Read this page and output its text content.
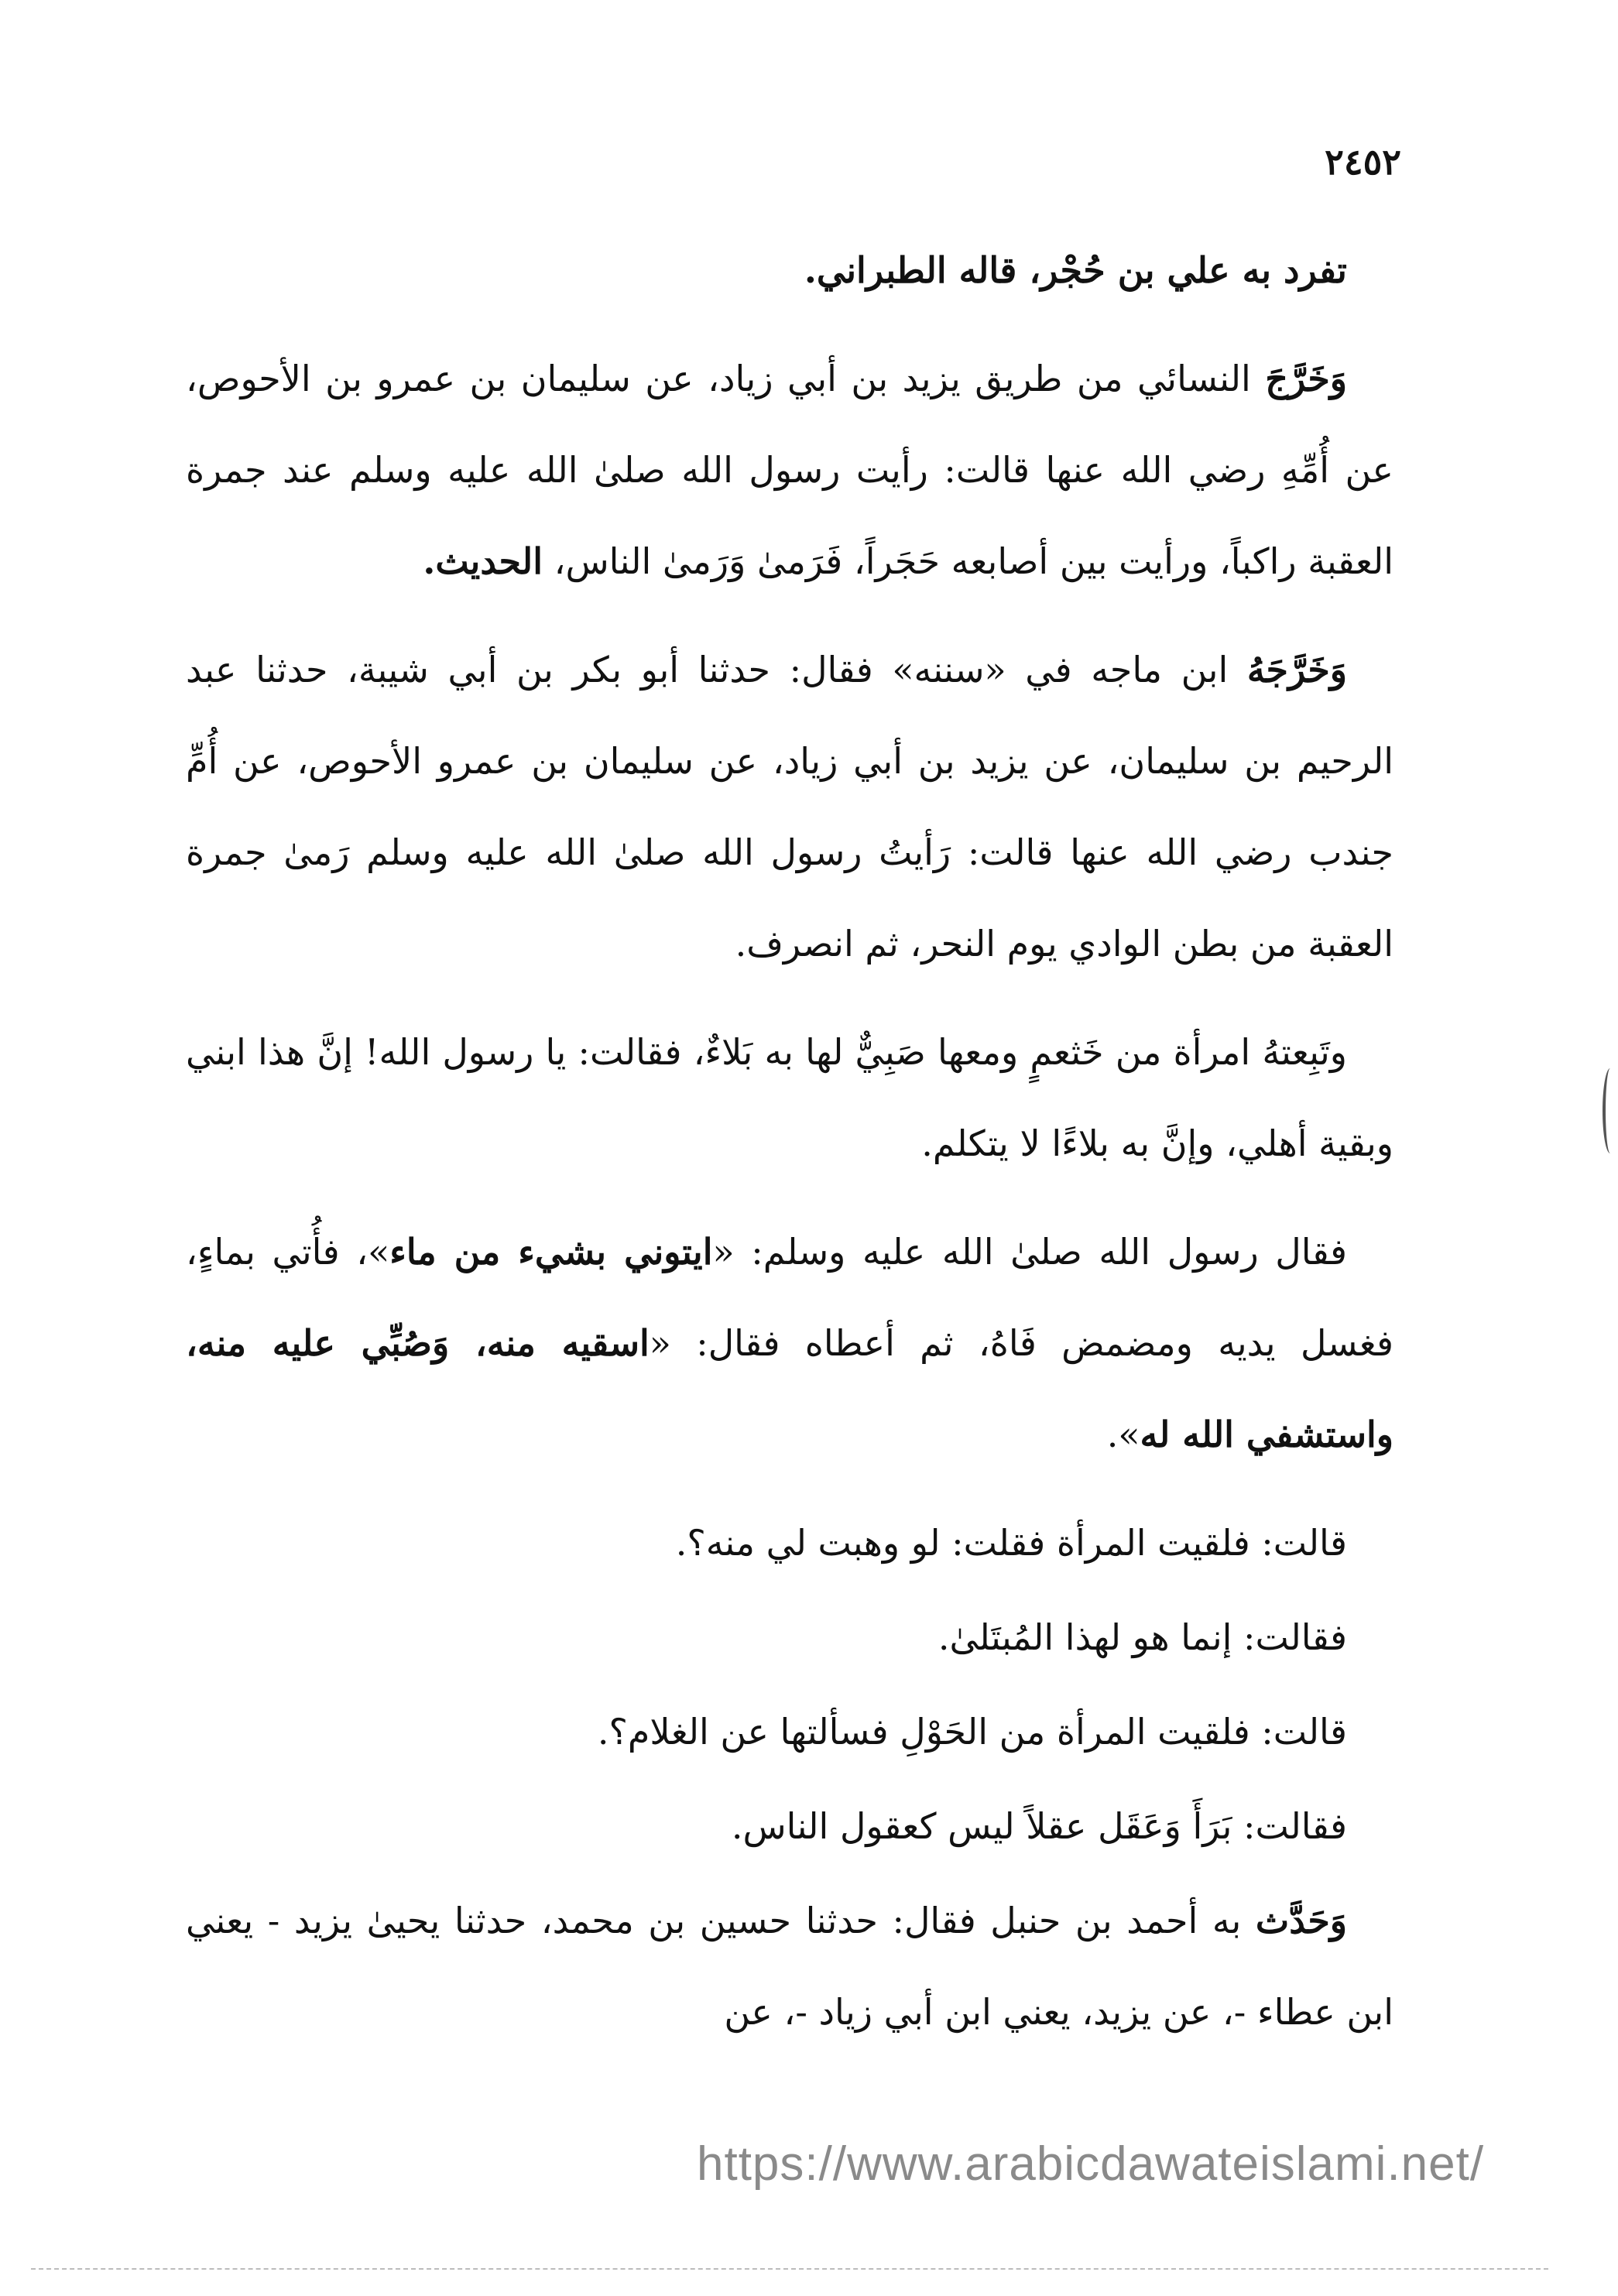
٢٤٥٢

تفرد به علي بن حُجْر، قاله الطبراني.

وَخَرَّجَ النسائي من طريق يزيد بن أبي زياد، عن سليمان بن عمرو بن الأحوص، عن أُمِّهِ رضي الله عنها قالت: رأيت رسول الله صلىٰ الله عليه وسلم عند جمرة العقبة راكباً، ورأيت بين أصابعه حَجَراً، فَرَمىٰ وَرَمىٰ الناس، الحديث.

وَخَرَّجَهُ ابن ماجه في «سننه» فقال: حدثنا أبو بكر بن أبي شيبة، حدثنا عبد الرحيم بن سليمان، عن يزيد بن أبي زياد، عن سليمان بن عمرو الأحوص، عن أُمِّ جندب رضي الله عنها قالت: رَأيتُ رسول الله صلىٰ الله عليه وسلم رَمىٰ جمرة العقبة من بطن الوادي يوم النحر، ثم انصرف.

وتَبِعتهُ امرأة من خَثعمٍ ومعها صَبِيٌّ لها به بَلاءٌ، فقالت: يا رسول الله! إنَّ هذا ابني وبقية أهلي، وإنَّ به بلاءًا لا يتكلم.

فقال رسول الله صلىٰ الله عليه وسلم: «ايتوني بشيء من ماء»، فأُتي بماءٍ، فغسل يديه ومضمض فَاهُ، ثم أعطاه فقال: «اسقيه منه، وَصُبِّي عليه منه، واستشفي الله له».

قالت: فلقيت المرأة فقلت: لو وهبت لي منه؟.

فقالت: إنما هو لهذا المُبتَلىٰ.

قالت: فلقيت المرأة من الحَوْلِ فسألتها عن الغلام؟.

فقالت: بَرَأَ وَعَقَل عقلاً ليس كعقول الناس.

وَحَدَّث به أحمد بن حنبل فقال: حدثنا حسين بن محمد، حدثنا يحيىٰ يزيد - يعني ابن عطاء -، عن يزيد، يعني ابن أبي زياد -، عن

https://www.arabicdawateislami.net/
